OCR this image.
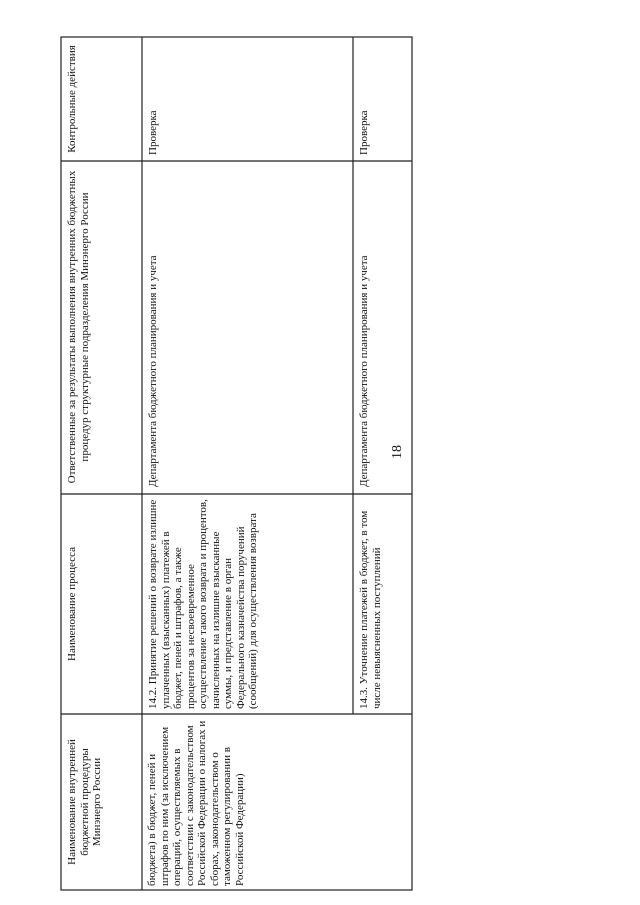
18
Контрольные действия
Ответственные за результаты выполнения внутренних бюджетных процедур структурные подразделения Минэнерго России
Наименование процесса
Наименование внутренней бюджетной процедуры Минэнерго России
Проверка
Департамента бюджетного планирования и учета
14.2. Принятие решений о возврате излишне уплаченных (взысканных) платежей в бюджет, пеней и штрафов, а также процентов за несвоевременное осуществление такого возврата и процентов, начисленных на излишне взысканные суммы, и представление в орган Федерального казначейства поручений (сообщений) для осуществления возврата
бюджета) в бюджет, пеней и штрафов по ним (за исключением операций, осуществляемых в соответствии с законодательством Российской Федерации о налогах и сборах, законодательством о таможенном регулировании в Российской Федерации)
Проверка
Департамента бюджетного планирования и учета
14.3. Уточнение платежей в бюджет, в том числе невыясненных поступлений
